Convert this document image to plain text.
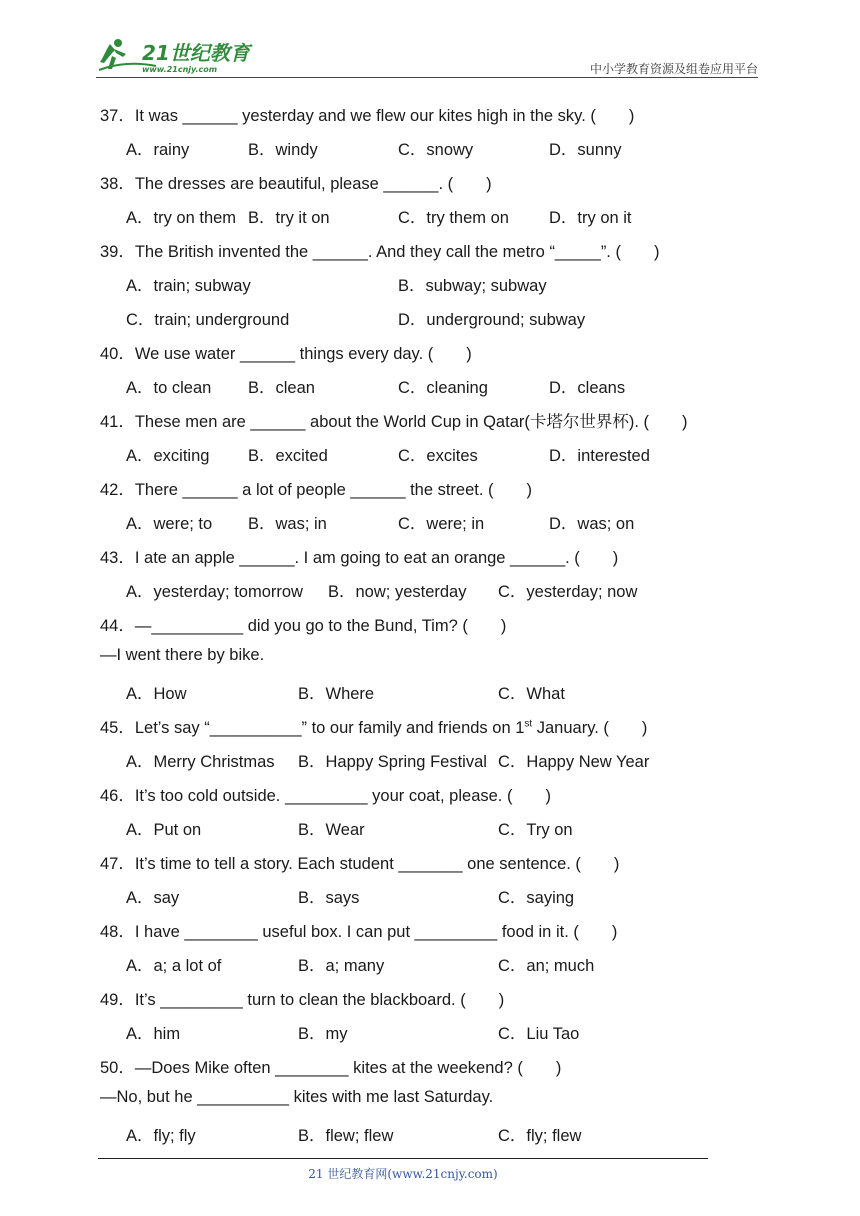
21世纪教育
www.21cnjy.com	中小学教育资源及组卷应用平台
37．It was ______ yesterday and we flew our kites high in the sky. (　　)
A．rainy	B．windy	C．snowy	D．sunny
38．The dresses are beautiful, please ______. (　　)
A．try on them B．try it on	C．try them on D．try on it
39．The British invented the ______. And they call the metro “_____”. (　　)
A．train; subway	B．subway; subway
C．train; underground	D．underground; subway
40．We use water ______ things every day. (　　)
A．to clean B．clean	C．cleaning	D．cleans
41．These men are ______ about the World Cup in Qatar(卡塔尔世界杯). (　　)
A．exciting B．excited	C．excites	D．interested
42．There ______ a lot of people ______ the street. (　　)
A．were; to B．was; in	C．were; in	D．was; on
43．I ate an apple ______. I am going to eat an orange ______. (　　)
A．yesterday; tomorrow B．now; yesterday C．yesterday; now
44．—__________ did you go to the Bund, Tim? (　　)
—I went there by bike.
A．How	B．Where	C．What
45．Let’s say “__________” to our family and friends on 1st January. (　　)
A．Merry Christmas B．Happy Spring Festival C．Happy New Year
46．It’s too cold outside. _________ your coat, please. (　　)
A．Put on	B．Wear	C．Try on
47．It’s time to tell a story. Each student _______ one sentence. (　　)
A．say	B．says	C．saying
48．I have ________ useful box. I can put _________ food in it. (　　)
A．a; a lot of	B．a; many	C．an; much
49．It’s _________ turn to clean the blackboard. (　　)
A．him	B．my	C．Liu Tao
50．—Does Mike often ________ kites at the weekend? (　　)
—No, but he __________ kites with me last Saturday.
A．fly; fly	B．flew; flew	C．fly; flew
21 世纪教育网(www.21cnjy.com)
